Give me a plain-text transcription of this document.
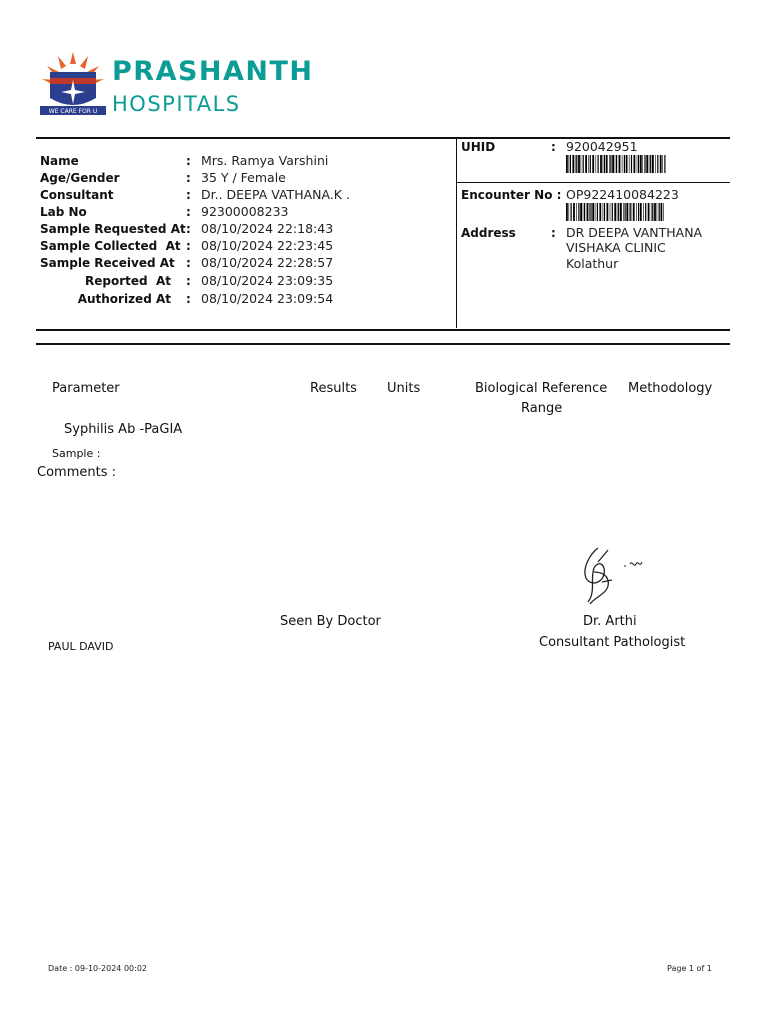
WE CARE FOR U
PRASHANTH
HOSPITALS
Name	: Mrs. Ramya Varshini
Age/Gender	: 35 Y / Female
Consultant	: Dr.. DEEPA VATHANA.K .
Lab No	: 92300008233
Sample Requested At : 08/10/2024 22:18:43
Sample Collected  At : 08/10/2024 22:23:45
Sample Received At : 08/10/2024 22:28:57
Reported  At : 08/10/2024 23:09:35
Authorized At : 08/10/2024 23:09:54
UHID	: 920042951
Encounter No : OP922410084223
Address	: DR DEEPA VANTHANA
VISHAKA CLINIC
Kolathur
Parameter	Results Units	Biological Reference
Range
Methodology
Syphilis Ab -PaGIA
Sample :
Comments :
Seen By Doctor	Dr. Arthi
Consultant Pathologist
PAUL DAVID
Date : 09-10-2024 00:02	Page 1 of 1
